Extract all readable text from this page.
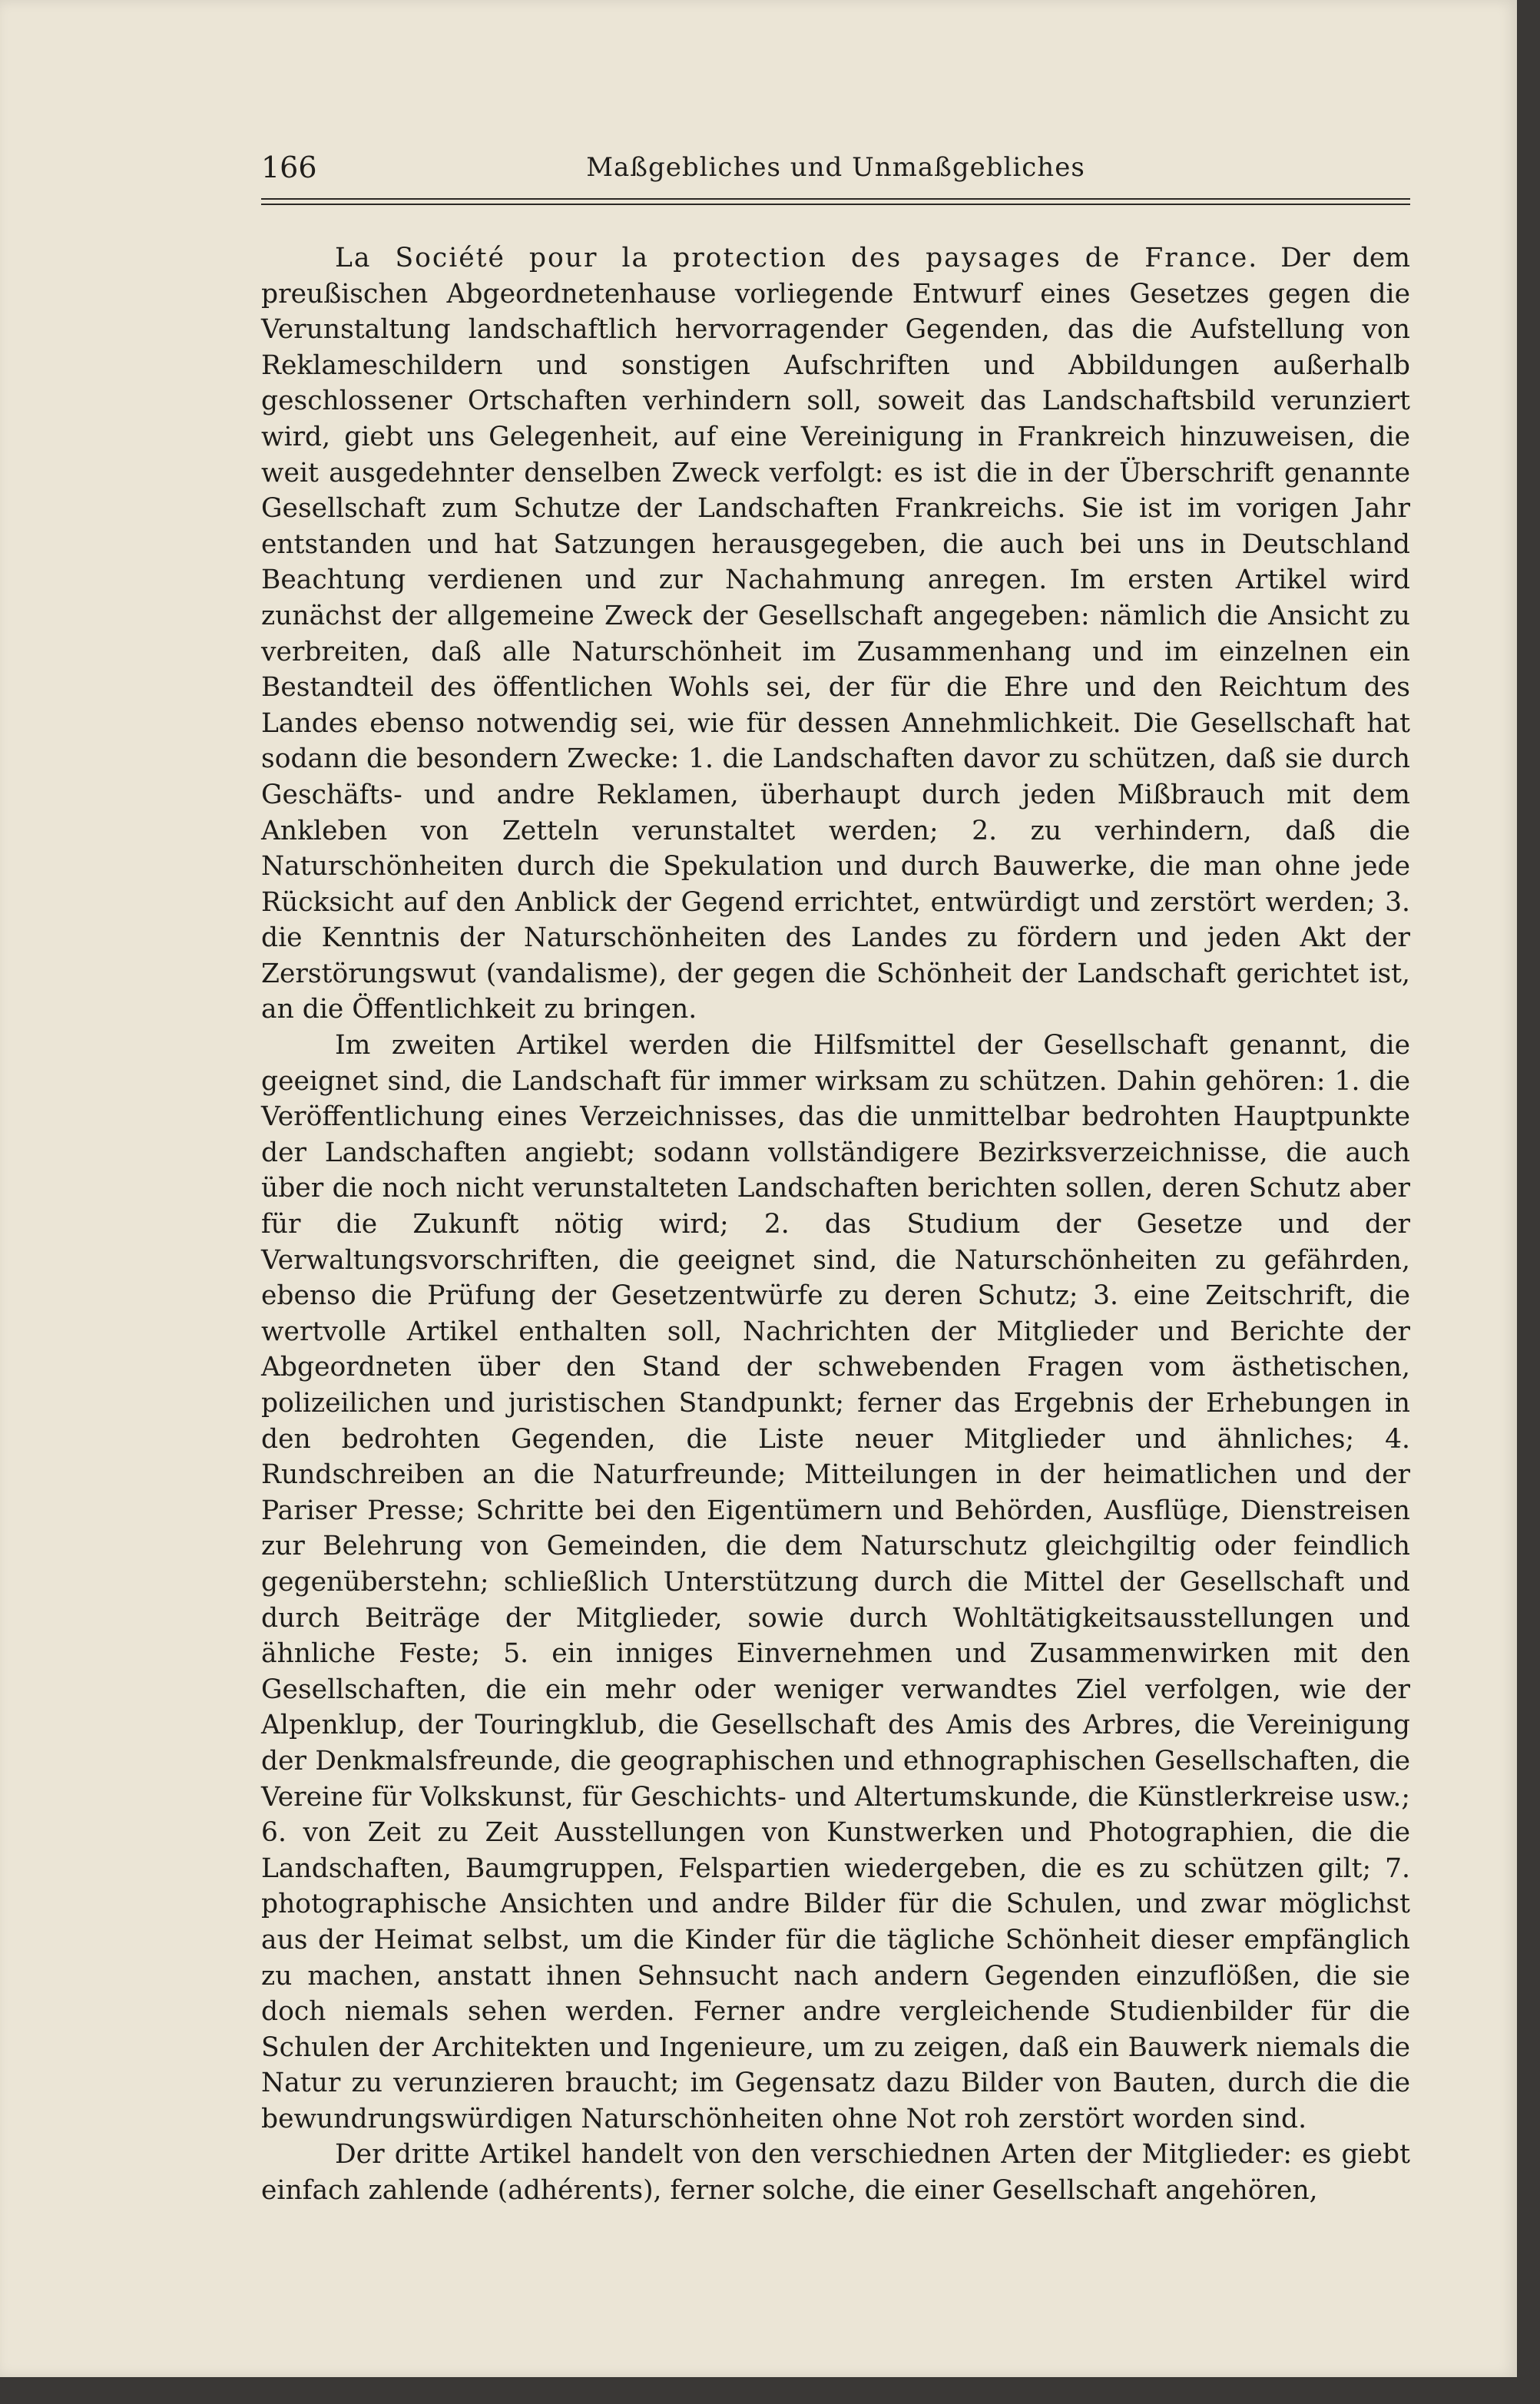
166	Maßgebliches und Unmaßgebliches

La Société pour la protection des paysages de France. Der dem preußischen Abgeordnetenhause vorliegende Entwurf eines Gesetzes gegen die Verunstaltung landschaftlich hervorragender Gegenden, das die Aufstellung von Reklameschildern und sonstigen Aufschriften und Abbildungen außerhalb geschlossener Ortschaften verhindern soll, soweit das Landschaftsbild verunziert wird, giebt uns Gelegenheit, auf eine Vereinigung in Frankreich hinzuweisen, die weit ausgedehnter denselben Zweck verfolgt: es ist die in der Überschrift genannte Gesellschaft zum Schutze der Landschaften Frankreichs. Sie ist im vorigen Jahr entstanden und hat Satzungen herausgegeben, die auch bei uns in Deutschland Beachtung verdienen und zur Nachahmung anregen. Im ersten Artikel wird zunächst der allgemeine Zweck der Gesellschaft angegeben: nämlich die Ansicht zu verbreiten, daß alle Naturschönheit im Zusammenhang und im einzelnen ein Bestandteil des öffentlichen Wohls sei, der für die Ehre und den Reichtum des Landes ebenso notwendig sei, wie für dessen Annehmlichkeit. Die Gesellschaft hat sodann die besondern Zwecke: 1. die Landschaften davor zu schützen, daß sie durch Geschäfts- und andre Reklamen, überhaupt durch jeden Mißbrauch mit dem Ankleben von Zetteln verunstaltet werden; 2. zu verhindern, daß die Naturschönheiten durch die Spekulation und durch Bauwerke, die man ohne jede Rücksicht auf den Anblick der Gegend errichtet, entwürdigt und zerstört werden; 3. die Kenntnis der Naturschönheiten des Landes zu fördern und jeden Akt der Zerstörungswut (vandalisme), der gegen die Schönheit der Landschaft gerichtet ist, an die Öffentlichkeit zu bringen.

Im zweiten Artikel werden die Hilfsmittel der Gesellschaft genannt, die geeignet sind, die Landschaft für immer wirksam zu schützen. Dahin gehören: 1. die Veröffentlichung eines Verzeichnisses, das die unmittelbar bedrohten Hauptpunkte der Landschaften angiebt; sodann vollständigere Bezirksverzeichnisse, die auch über die noch nicht verunstalteten Landschaften berichten sollen, deren Schutz aber für die Zukunft nötig wird; 2. das Studium der Gesetze und der Verwaltungsvorschriften, die geeignet sind, die Naturschönheiten zu gefährden, ebenso die Prüfung der Gesetzentwürfe zu deren Schutz; 3. eine Zeitschrift, die wertvolle Artikel enthalten soll, Nachrichten der Mitglieder und Berichte der Abgeordneten über den Stand der schwebenden Fragen vom ästhetischen, polizeilichen und juristischen Standpunkt; ferner das Ergebnis der Erhebungen in den bedrohten Gegenden, die Liste neuer Mitglieder und ähnliches; 4. Rundschreiben an die Naturfreunde; Mitteilungen in der heimatlichen und der Pariser Presse; Schritte bei den Eigentümern und Behörden, Ausflüge, Dienstreisen zur Belehrung von Gemeinden, die dem Naturschutz gleichgiltig oder feindlich gegenüberstehn; schließlich Unterstützung durch die Mittel der Gesellschaft und durch Beiträge der Mitglieder, sowie durch Wohltätigkeitsausstellungen und ähnliche Feste; 5. ein inniges Einvernehmen und Zusammenwirken mit den Gesellschaften, die ein mehr oder weniger verwandtes Ziel verfolgen, wie der Alpenklup, der Touringklub, die Gesellschaft des Amis des Arbres, die Vereinigung der Denkmalsfreunde, die geographischen und ethnographischen Gesellschaften, die Vereine für Volkskunst, für Geschichts- und Altertumskunde, die Künstlerkreise usw.; 6. von Zeit zu Zeit Ausstellungen von Kunstwerken und Photographien, die die Landschaften, Baumgruppen, Felspartien wiedergeben, die es zu schützen gilt; 7. photographische Ansichten und andre Bilder für die Schulen, und zwar möglichst aus der Heimat selbst, um die Kinder für die tägliche Schönheit dieser empfänglich zu machen, anstatt ihnen Sehnsucht nach andern Gegenden einzuflößen, die sie doch niemals sehen werden. Ferner andre vergleichende Studienbilder für die Schulen der Architekten und Ingenieure, um zu zeigen, daß ein Bauwerk niemals die Natur zu verunzieren braucht; im Gegensatz dazu Bilder von Bauten, durch die die bewundrungswürdigen Naturschönheiten ohne Not roh zerstört worden sind.

Der dritte Artikel handelt von den verschiednen Arten der Mitglieder: es giebt einfach zahlende (adhérents), ferner solche, die einer Gesellschaft angehören,
